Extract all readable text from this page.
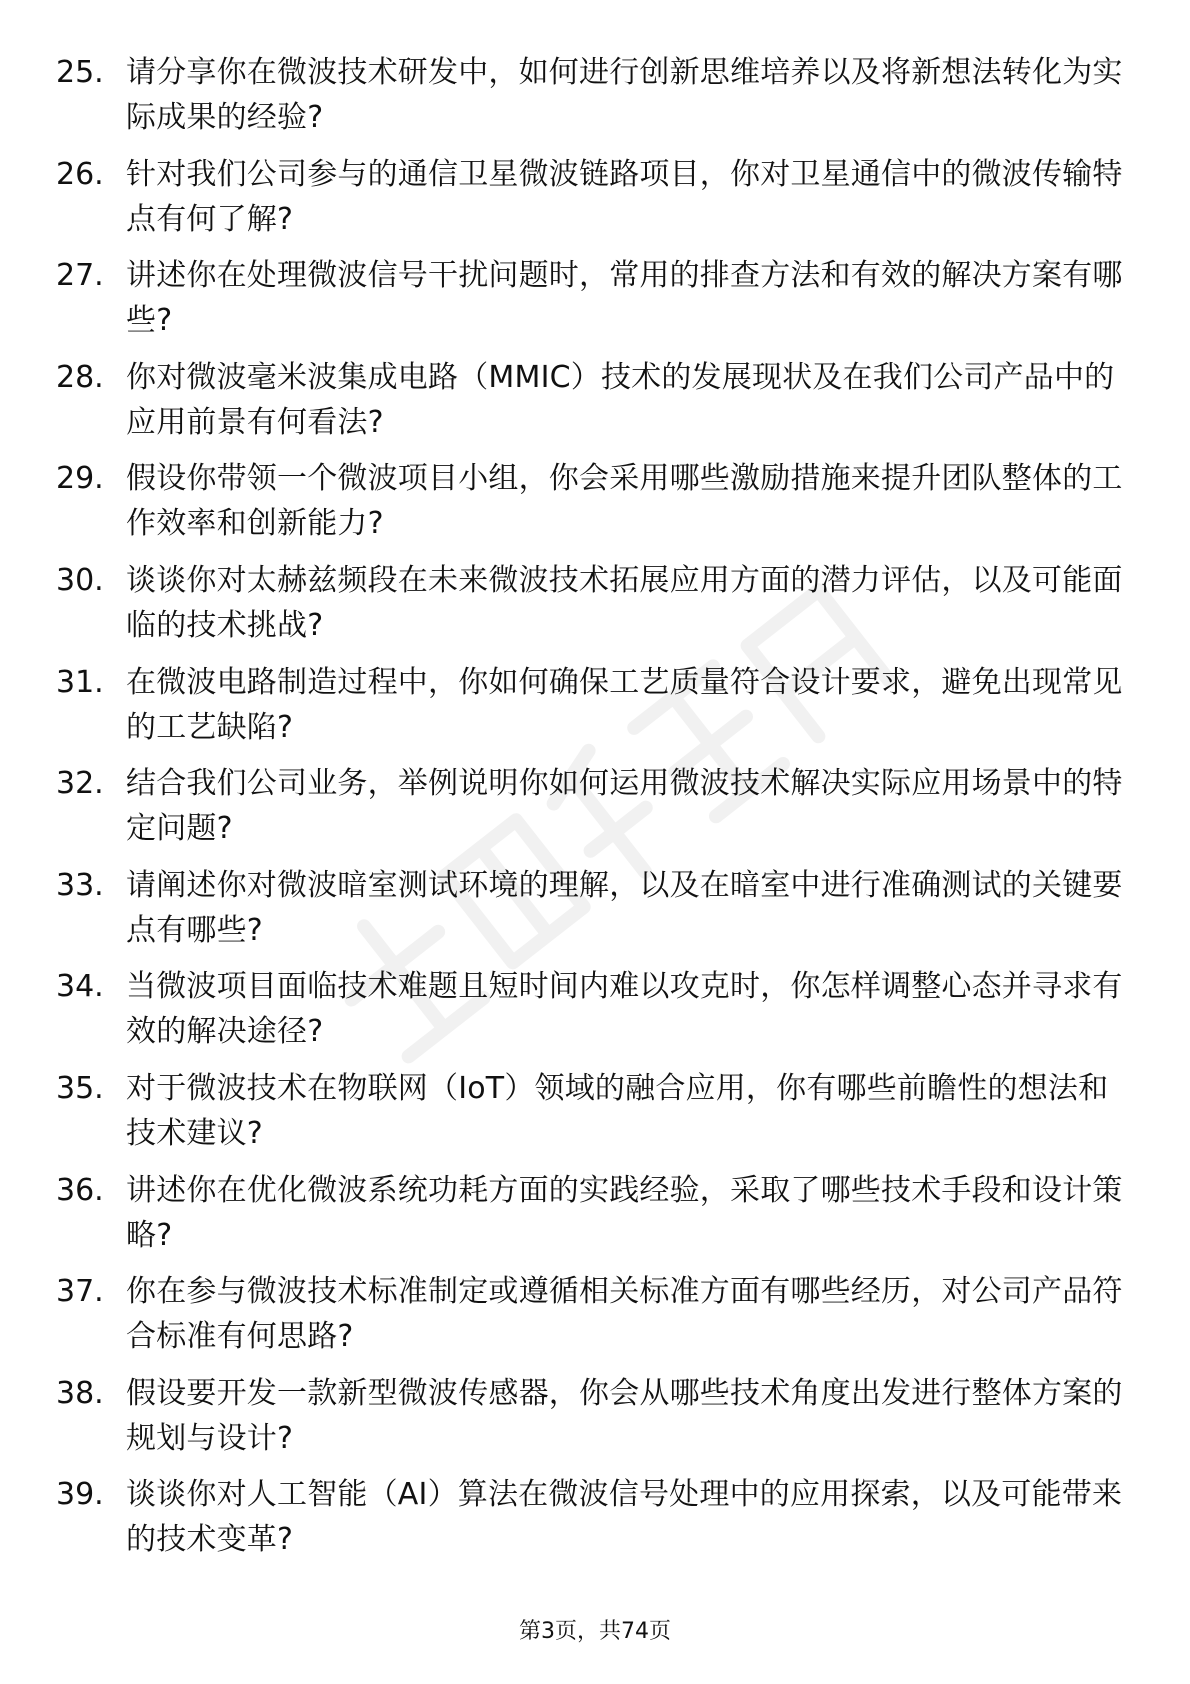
25. 请分享你在微波技术研发中，如何进行创新思维培养以及将新想法转化为实际成果的经验?
26. 针对我们公司参与的通信卫星微波链路项目，你对卫星通信中的微波传输特点有何了解?
27. 讲述你在处理微波信号干扰问题时，常用的排查方法和有效的解决方案有哪些?
28. 你对微波毫米波集成电路（MMIC）技术的发展现状及在我们公司产品中的应用前景有何看法?
29. 假设你带领一个微波项目小组，你会采用哪些激励措施来提升团队整体的工作效率和创新能力?
30. 谈谈你对太赫兹频段在未来微波技术拓展应用方面的潜力评估，以及可能面临的技术挑战?
31. 在微波电路制造过程中，你如何确保工艺质量符合设计要求，避免出现常见的工艺缺陷?
32. 结合我们公司业务，举例说明你如何运用微波技术解决实际应用场景中的特定问题?
33. 请阐述你对微波暗室测试环境的理解，以及在暗室中进行准确测试的关键要点有哪些?
34. 当微波项目面临技术难题且短时间内难以攻克时，你怎样调整心态并寻求有效的解决途径?
35. 对于微波技术在物联网（IoT）领域的融合应用，你有哪些前瞻性的想法和技术建议?
36. 讲述你在优化微波系统功耗方面的实践经验，采取了哪些技术手段和设计策略?
37. 你在参与微波技术标准制定或遵循相关标准方面有哪些经历，对公司产品符合标准有何思路?
38. 假设要开发一款新型微波传感器，你会从哪些技术角度出发进行整体方案的规划与设计?
39. 谈谈你对人工智能（AI）算法在微波信号处理中的应用探索，以及可能带来的技术变革?
第3页，共74页
